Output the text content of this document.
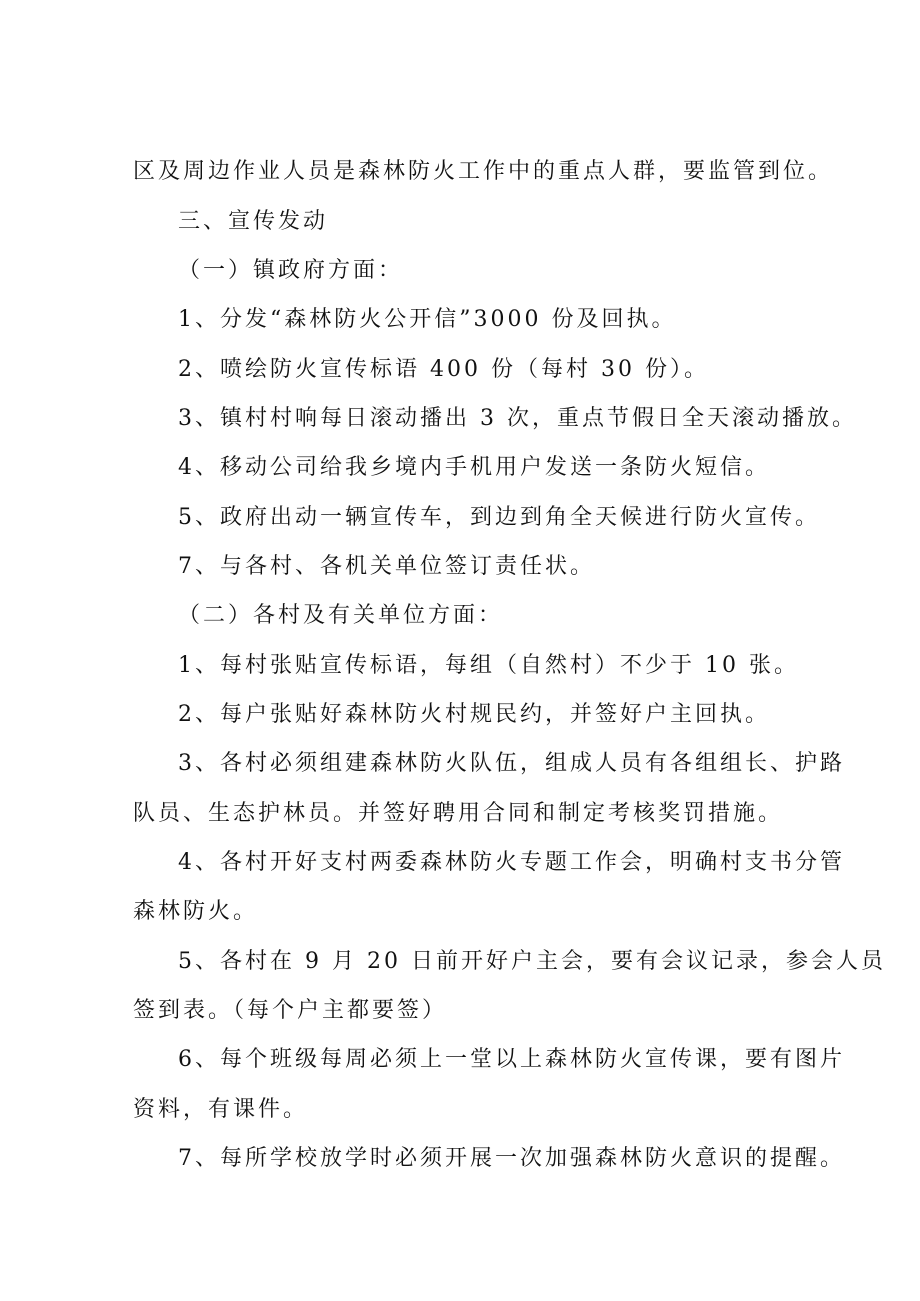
区及周边作业人员是森林防火工作中的重点人群，要监管到位。
三、宣传发动
（一）镇政府方面：
1、分发“森林防火公开信”3000 份及回执。
2、喷绘防火宣传标语 400 份（每村 30 份）。
3、镇村村响每日滚动播出 3 次，重点节假日全天滚动播放。
4、移动公司给我乡境内手机用户发送一条防火短信。
5、政府出动一辆宣传车，到边到角全天候进行防火宣传。
7、与各村、各机关单位签订责任状。
（二）各村及有关单位方面：
1、每村张贴宣传标语，每组（自然村）不少于 10 张。
2、每户张贴好森林防火村规民约，并签好户主回执。
3、各村必须组建森林防火队伍，组成人员有各组组长、护路
队员、生态护林员。并签好聘用合同和制定考核奖罚措施。
4、各村开好支村两委森林防火专题工作会，明确村支书分管
森林防火。
5、各村在 9 月 20 日前开好户主会，要有会议记录，参会人员
签到表。（每个户主都要签）
6、每个班级每周必须上一堂以上森林防火宣传课，要有图片
资料，有课件。
7、每所学校放学时必须开展一次加强森林防火意识的提醒。
